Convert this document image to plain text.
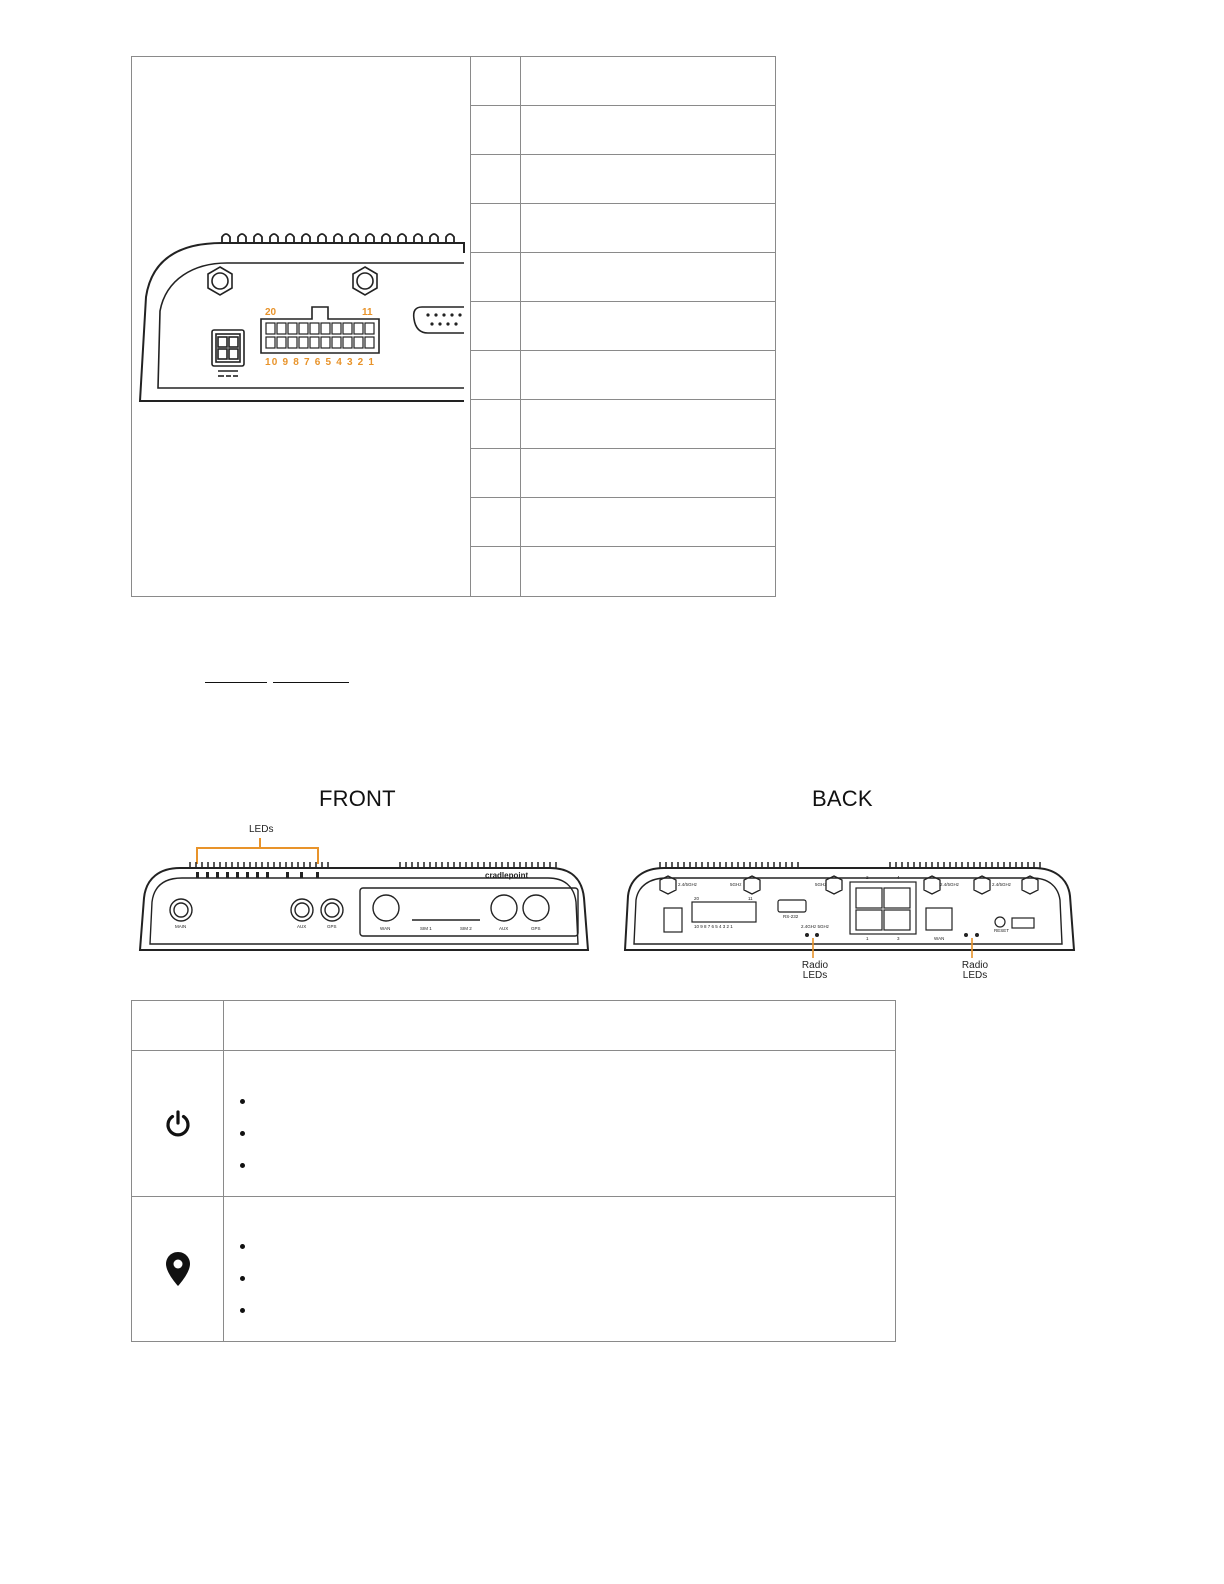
20	11
10 9 8 7 6 5 4 3 2 1
FRONT	BACK
LEDs
cradlepoint
MAIN	AUX	GPS	WAN	SIM 1	SIM 2	AUX	GPS
2.4/5GHz	5GHz	5GHz	2.4/5GHz	2.4/5GHz
20	11
10 9 8 7 6 5 4 3 2 1
RS-232
2.4GHz 5GHz
2	4
1	3	WAN
RESET
Radio
LEDs
Radio
LEDs
